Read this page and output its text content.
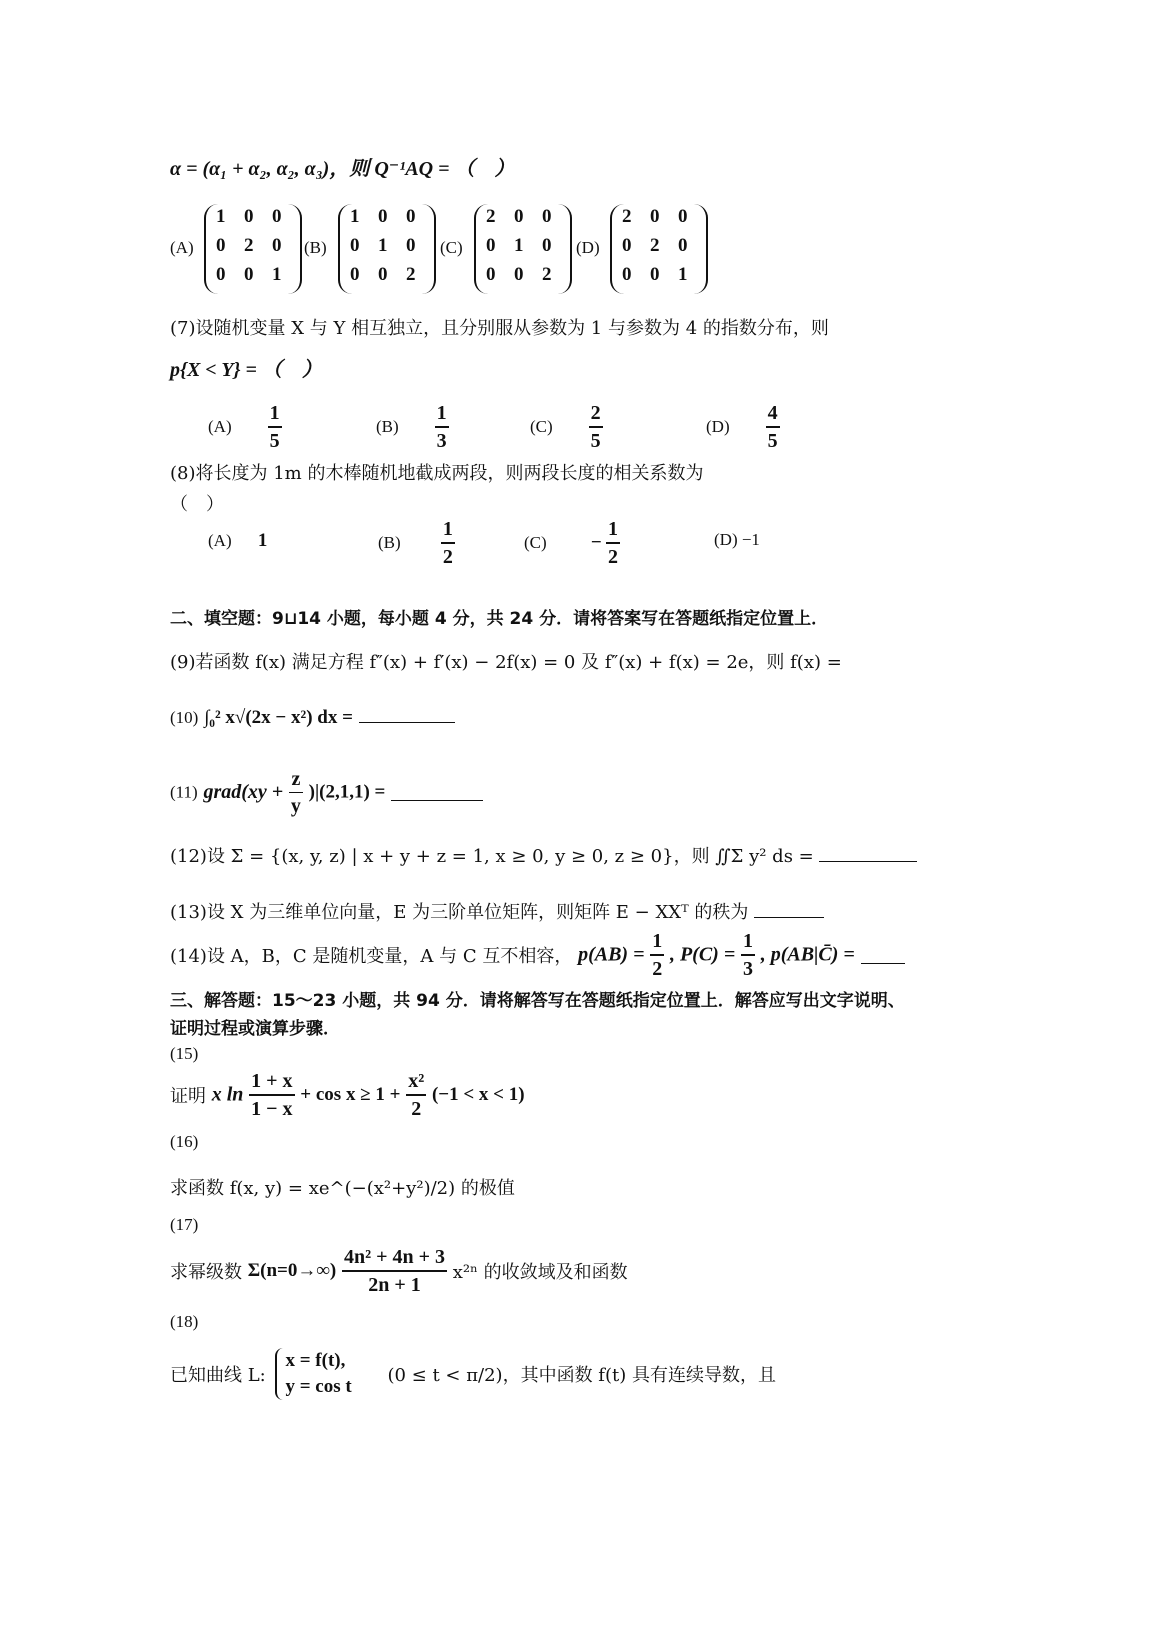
α = (α₁ + α₂, α₂, α₃)，则 Q⁻¹AQ = （　）
(A)
1 0 0
0 2 0
0 0 1
(B)
1 0 0
0 1 0
0 0 2
(C)
2 0 0
0 1 0
0 0 2
(D)
2 0 0
0 2 0
0 0 1
(7)设随机变量 X 与 Y 相互独立，且分别服从参数为 1 与参数为 4 的指数分布，则
p{X < Y} = （　）
$(A) \frac{1}{5}$	$(B) \frac{1}{3}$	$(C) \frac{2}{5}$	$(D) \frac{4}{5}$
(8)将长度为 1m 的木棒随机地截成两段，则两段长度的相关系数为
（　）
(A) 1	$(B) \frac{1}{2}$	$(C) - \frac{1}{2}$	(D) −1
二、填空题：9⊔14 小题，每小题 4 分，共 24 分．请将答案写在答题纸指定位置上．
(9)若函数 f(x) 满足方程 f″(x) + f′(x) − 2f(x) = 0 及 f″(x) + f(x) = 2e，则 f(x) =
(10) ∫₀² x√(2x − x²) dx =
(11) grad(xy + $\frac{z}{y} )|(2,1,1)$ =
(12)设 Σ = {(x, y, z) | x + y + z = 1, x ≥ 0, y ≥ 0, z ≥ 0}，则 ∬Σ y² ds =
(13)设 X 为三维单位向量，E 为三阶单位矩阵，则矩阵 E − XXᵀ 的秩为
(14)设 A，B，C 是随机变量，A 与 C 互不相容， $p(AB) = \frac{1}{2}$ , $P(C) = \frac{1}{3}$ , p(AB|C̄) =
三、解答题：15～23 小题，共 94 分．请将解答写在答题纸指定位置上．解答应写出文字说明、
证明过程或演算步骤．
(15)
证明 x $\ln \frac{1 + x}{1 - x} + \cos x \ge 1 + \frac{\text{x²}}{2} (-1 < x < 1)$
(16)
求函数 f(x, y) = xe^(−(x²+y²)/2) 的极值
(17)
求幂级数 $\Sigma(n=0\to\infty) \frac{\text{4n² + 4n + 3}}{2n + 1} x^{2n}$ 的收敛域及和函数
(18)
已知曲线 L:
x = f(t),
y = cos t
(0 ≤ t < π/2)，其中函数 f(t) 具有连续导数，且
